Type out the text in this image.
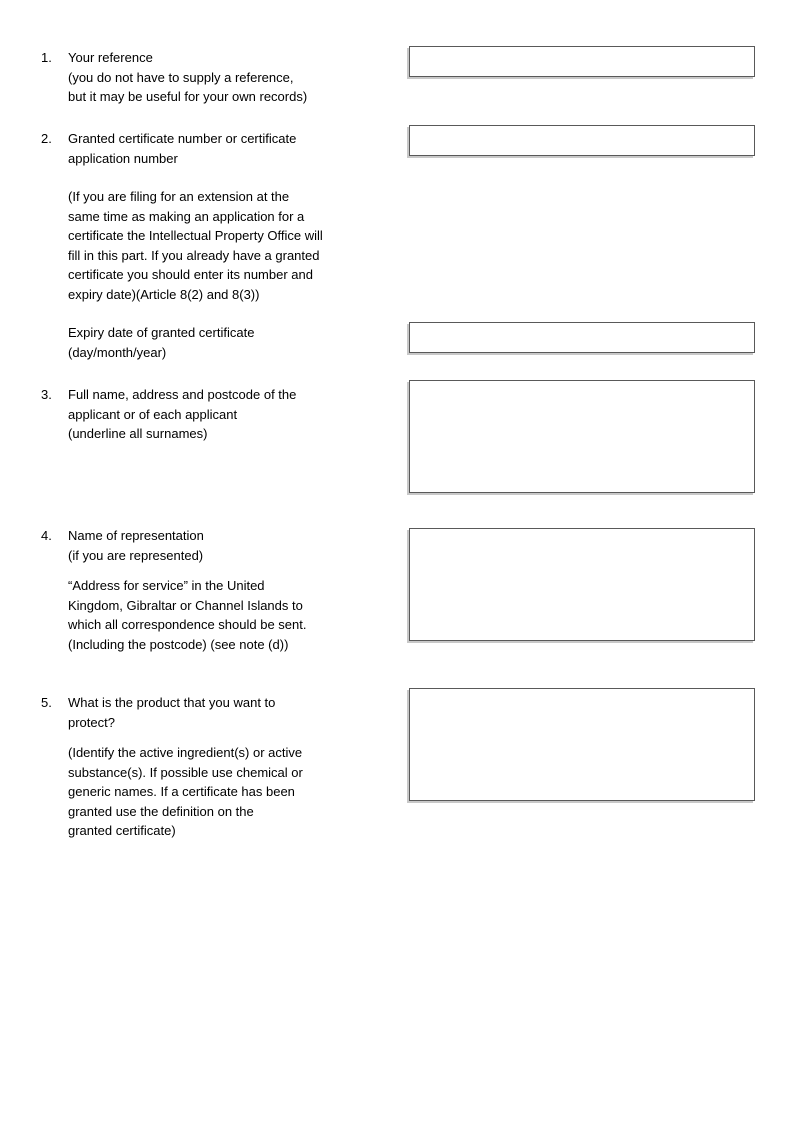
1.	Your reference
(you do not have to supply a reference,
but it may be useful for your own records)
2.	Granted certificate number or certificate
application number
(If you are filing for an extension at the
same time as making an application for a
certificate the Intellectual Property Office will
fill in this part. If you already have a granted
certificate you should enter its number and
expiry date)(Article 8(2) and 8(3))
Expiry date of granted certificate
(day/month/year)
3.	Full name, address and postcode of the
applicant or of each applicant
(underline all surnames)
4.	Name of representation
(if you are represented)
“Address for service” in the United
Kingdom, Gibraltar or Channel Islands to
which all correspondence should be sent.
(Including the postcode) (see note (d))
5.	What is the product that you want to
protect?
(Identify the active ingredient(s) or active
substance(s). If possible use chemical or
generic names. If a certificate has been
granted use the definition on the
granted certificate)
